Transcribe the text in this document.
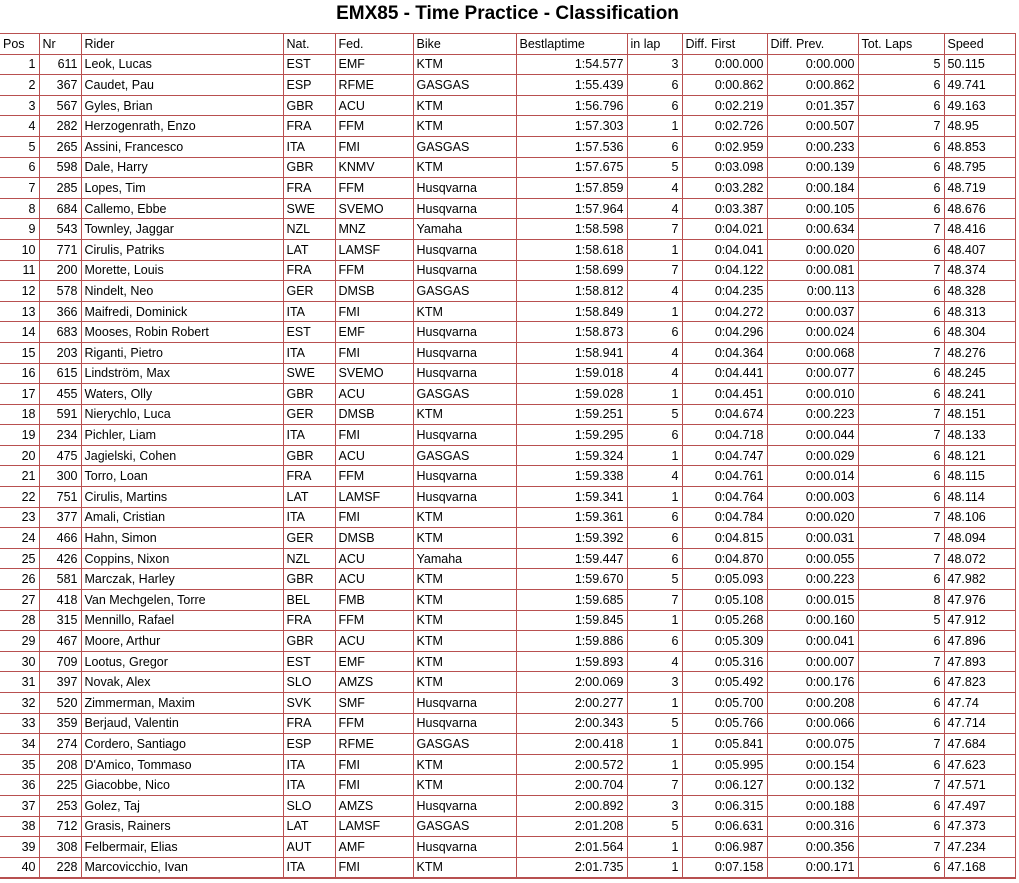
EMX85 - Time Practice - Classification
Pos	Nr	Rider	Nat.	Fed.	Bike	Bestlaptime	in lap	Diff. First	Diff. Prev.	Tot. Laps	Speed
1	611	Leok, Lucas	EST	EMF	KTM	1:54.577	3	0:00.000	0:00.000	5	50.115
2	367	Caudet, Pau	ESP	RFME	GASGAS	1:55.439	6	0:00.862	0:00.862	6	49.741
3	567	Gyles, Brian	GBR	ACU	KTM	1:56.796	6	0:02.219	0:01.357	6	49.163
4	282	Herzogenrath, Enzo	FRA	FFM	KTM	1:57.303	1	0:02.726	0:00.507	7	48.95
5	265	Assini, Francesco	ITA	FMI	GASGAS	1:57.536	6	0:02.959	0:00.233	6	48.853
6	598	Dale, Harry	GBR	KNMV	KTM	1:57.675	5	0:03.098	0:00.139	6	48.795
7	285	Lopes, Tim	FRA	FFM	Husqvarna	1:57.859	4	0:03.282	0:00.184	6	48.719
8	684	Callemo, Ebbe	SWE	SVEMO	Husqvarna	1:57.964	4	0:03.387	0:00.105	6	48.676
9	543	Townley, Jaggar	NZL	MNZ	Yamaha	1:58.598	7	0:04.021	0:00.634	7	48.416
10	771	Cirulis, Patriks	LAT	LAMSF	Husqvarna	1:58.618	1	0:04.041	0:00.020	6	48.407
11	200	Morette, Louis	FRA	FFM	Husqvarna	1:58.699	7	0:04.122	0:00.081	7	48.374
12	578	Nindelt, Neo	GER	DMSB	GASGAS	1:58.812	4	0:04.235	0:00.113	6	48.328
13	366	Maifredi, Dominick	ITA	FMI	KTM	1:58.849	1	0:04.272	0:00.037	6	48.313
14	683	Mooses, Robin Robert	EST	EMF	Husqvarna	1:58.873	6	0:04.296	0:00.024	6	48.304
15	203	Riganti, Pietro	ITA	FMI	Husqvarna	1:58.941	4	0:04.364	0:00.068	7	48.276
16	615	Lindström, Max	SWE	SVEMO	Husqvarna	1:59.018	4	0:04.441	0:00.077	6	48.245
17	455	Waters, Olly	GBR	ACU	GASGAS	1:59.028	1	0:04.451	0:00.010	6	48.241
18	591	Nierychlo, Luca	GER	DMSB	KTM	1:59.251	5	0:04.674	0:00.223	7	48.151
19	234	Pichler, Liam	ITA	FMI	Husqvarna	1:59.295	6	0:04.718	0:00.044	7	48.133
20	475	Jagielski, Cohen	GBR	ACU	GASGAS	1:59.324	1	0:04.747	0:00.029	6	48.121
21	300	Torro, Loan	FRA	FFM	Husqvarna	1:59.338	4	0:04.761	0:00.014	6	48.115
22	751	Cirulis, Martins	LAT	LAMSF	Husqvarna	1:59.341	1	0:04.764	0:00.003	6	48.114
23	377	Amali, Cristian	ITA	FMI	KTM	1:59.361	6	0:04.784	0:00.020	7	48.106
24	466	Hahn, Simon	GER	DMSB	KTM	1:59.392	6	0:04.815	0:00.031	7	48.094
25	426	Coppins, Nixon	NZL	ACU	Yamaha	1:59.447	6	0:04.870	0:00.055	7	48.072
26	581	Marczak, Harley	GBR	ACU	KTM	1:59.670	5	0:05.093	0:00.223	6	47.982
27	418	Van Mechgelen, Torre	BEL	FMB	KTM	1:59.685	7	0:05.108	0:00.015	8	47.976
28	315	Mennillo, Rafael	FRA	FFM	KTM	1:59.845	1	0:05.268	0:00.160	5	47.912
29	467	Moore, Arthur	GBR	ACU	KTM	1:59.886	6	0:05.309	0:00.041	6	47.896
30	709	Lootus, Gregor	EST	EMF	KTM	1:59.893	4	0:05.316	0:00.007	7	47.893
31	397	Novak, Alex	SLO	AMZS	KTM	2:00.069	3	0:05.492	0:00.176	6	47.823
32	520	Zimmerman, Maxim	SVK	SMF	Husqvarna	2:00.277	1	0:05.700	0:00.208	6	47.74
33	359	Berjaud, Valentin	FRA	FFM	Husqvarna	2:00.343	5	0:05.766	0:00.066	6	47.714
34	274	Cordero, Santiago	ESP	RFME	GASGAS	2:00.418	1	0:05.841	0:00.075	7	47.684
35	208	D'Amico, Tommaso	ITA	FMI	KTM	2:00.572	1	0:05.995	0:00.154	6	47.623
36	225	Giacobbe, Nico	ITA	FMI	KTM	2:00.704	7	0:06.127	0:00.132	7	47.571
37	253	Golez, Taj	SLO	AMZS	Husqvarna	2:00.892	3	0:06.315	0:00.188	6	47.497
38	712	Grasis, Rainers	LAT	LAMSF	GASGAS	2:01.208	5	0:06.631	0:00.316	6	47.373
39	308	Felbermair, Elias	AUT	AMF	Husqvarna	2:01.564	1	0:06.987	0:00.356	7	47.234
40	228	Marcovicchio, Ivan	ITA	FMI	KTM	2:01.735	1	0:07.158	0:00.171	6	47.168
